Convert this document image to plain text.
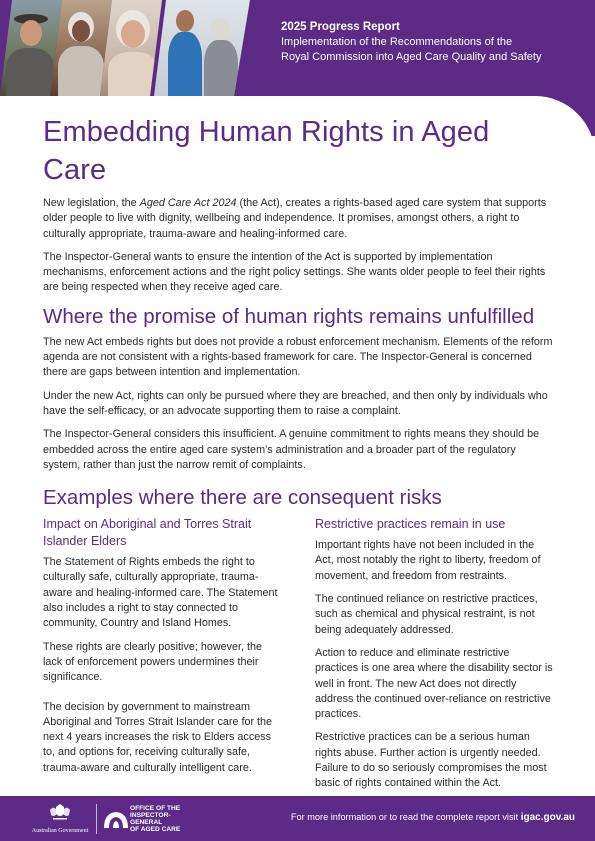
2025 Progress Report
Implementation of the Recommendations of the
Royal Commission into Aged Care Quality and Safety
Embedding Human Rights in Aged Care

New legislation, the Aged Care Act 2024 (the Act), creates a rights-based aged care system that supports older people to live with dignity, wellbeing and independence. It promises, amongst others, a right to culturally appropriate, trauma-aware and healing-informed care.

The Inspector-General wants to ensure the intention of the Act is supported by implementation mechanisms, enforcement actions and the right policy settings. She wants older people to feel their rights are being respected when they receive aged care.

Where the promise of human rights remains unfulfilled

The new Act embeds rights but does not provide a robust enforcement mechanism. Elements of the reform agenda are not consistent with a rights-based framework for care. The Inspector-General is concerned there are gaps between intention and implementation.

Under the new Act, rights can only be pursued where they are breached, and then only by individuals who have the self-efficacy, or an advocate supporting them to raise a complaint.

The Inspector-General considers this insufficient. A genuine commitment to rights means they should be embedded across the entire aged care system’s administration and a broader part of the regulatory system, rather than just the narrow remit of complaints.

Examples where there are consequent risks
Impact on Aboriginal and Torres Strait Islander Elders

The Statement of Rights embeds the right to culturally safe, culturally appropriate, trauma-aware and healing-informed care. The Statement also includes a right to stay connected to community, Country and Island Homes.

These rights are clearly positive; however, the lack of enforcement powers undermines their significance.

The decision by government to mainstream Aboriginal and Torres Strait Islander care for the next 4 years increases the risk to Elders access to, and options for, receiving culturally safe, trauma-aware and culturally intelligent care.

Restrictive practices remain in use

Important rights have not been included in the Act, most notably the right to liberty, freedom of movement, and freedom from restraints.

The continued reliance on restrictive practices, such as chemical and physical restraint, is not being adequately addressed.

Action to reduce and eliminate restrictive practices is one area where the disability sector is well in front. The new Act does not directly address the continued over-reliance on restrictive practices.

Restrictive practices can be a serious human rights abuse. Further action is urgently needed. Failure to do so seriously compromises the most basic of rights contained within the Act.

Australian Government
OFFICE OF THE
INSPECTOR-
GENERAL
OF AGED CARE
For more information or to read the complete report visit igac.gov.au
